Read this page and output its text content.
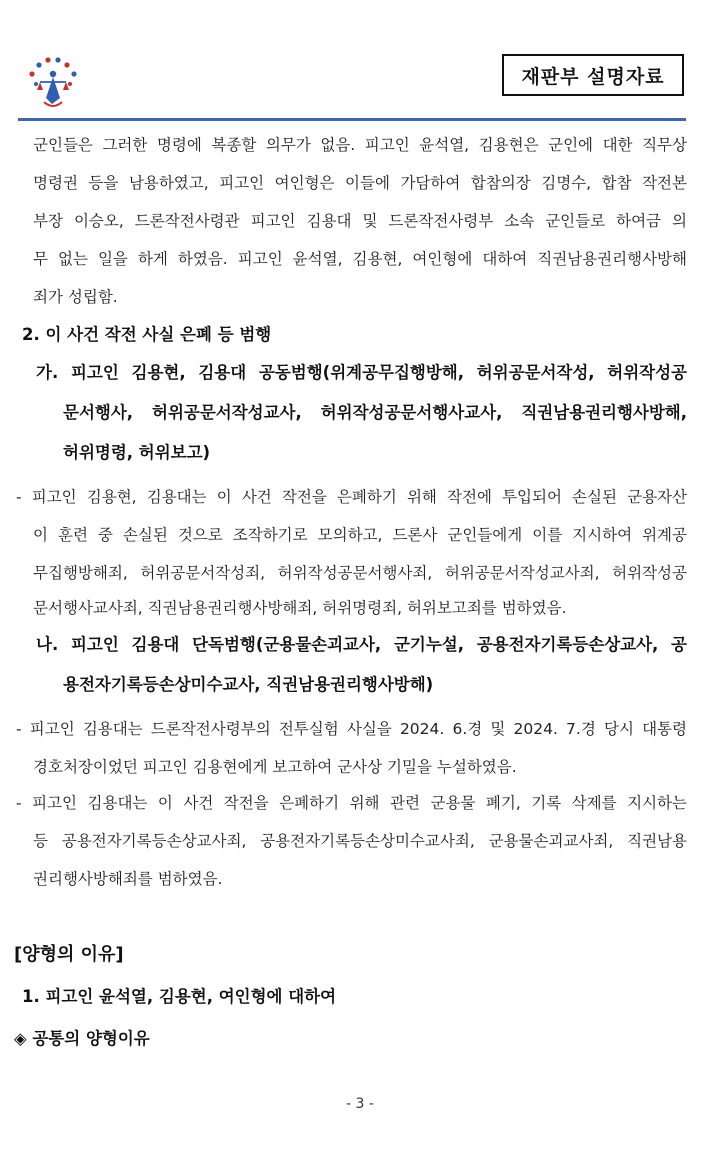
재판부 설명자료
군인들은 그러한 명령에 복종할 의무가 없음. 피고인 윤석열, 김용현은 군인에 대한 직무상
명령권 등을 남용하였고, 피고인 여인형은 이들에 가담하여 합참의장 김명수, 합참 작전본
부장 이승오, 드론작전사령관 피고인 김용대 및 드론작전사령부 소속 군인들로 하여금 의
무 없는 일을 하게 하였음. 피고인 윤석열, 김용현, 여인형에 대하여 직권남용권리행사방해
죄가 성립함.
2. 이 사건 작전 사실 은폐 등 범행
가. 피고인 김용현, 김용대 공동범행(위계공무집행방해, 허위공문서작성, 허위작성공
문서행사, 허위공문서작성교사, 허위작성공문서행사교사, 직권남용권리행사방해,
허위명령, 허위보고)
- 피고인 김용현, 김용대는 이 사건 작전을 은폐하기 위해 작전에 투입되어 손실된 군용자산
이 훈련 중 손실된 것으로 조작하기로 모의하고, 드론사 군인들에게 이를 지시하여 위계공
무집행방해죄, 허위공문서작성죄, 허위작성공문서행사죄, 허위공문서작성교사죄, 허위작성공
문서행사교사죄, 직권남용권리행사방해죄, 허위명령죄, 허위보고죄를 범하였음.
나. 피고인 김용대 단독범행(군용물손괴교사, 군기누설, 공용전자기록등손상교사, 공
용전자기록등손상미수교사, 직권남용권리행사방해)
- 피고인 김용대는 드론작전사령부의 전투실험 사실을 2024. 6.경 및 2024. 7.경 당시 대통령
경호처장이었던 피고인 김용현에게 보고하여 군사상 기밀을 누설하였음.
- 피고인 김용대는 이 사건 작전을 은폐하기 위해 관련 군용물 폐기, 기록 삭제를 지시하는
등 공용전자기록등손상교사죄, 공용전자기록등손상미수교사죄, 군용물손괴교사죄, 직권남용
권리행사방해죄를 범하였음.
[양형의 이유]
1. 피고인 윤석열, 김용현, 여인형에 대하여
◈ 공통의 양형이유
- 3 -
